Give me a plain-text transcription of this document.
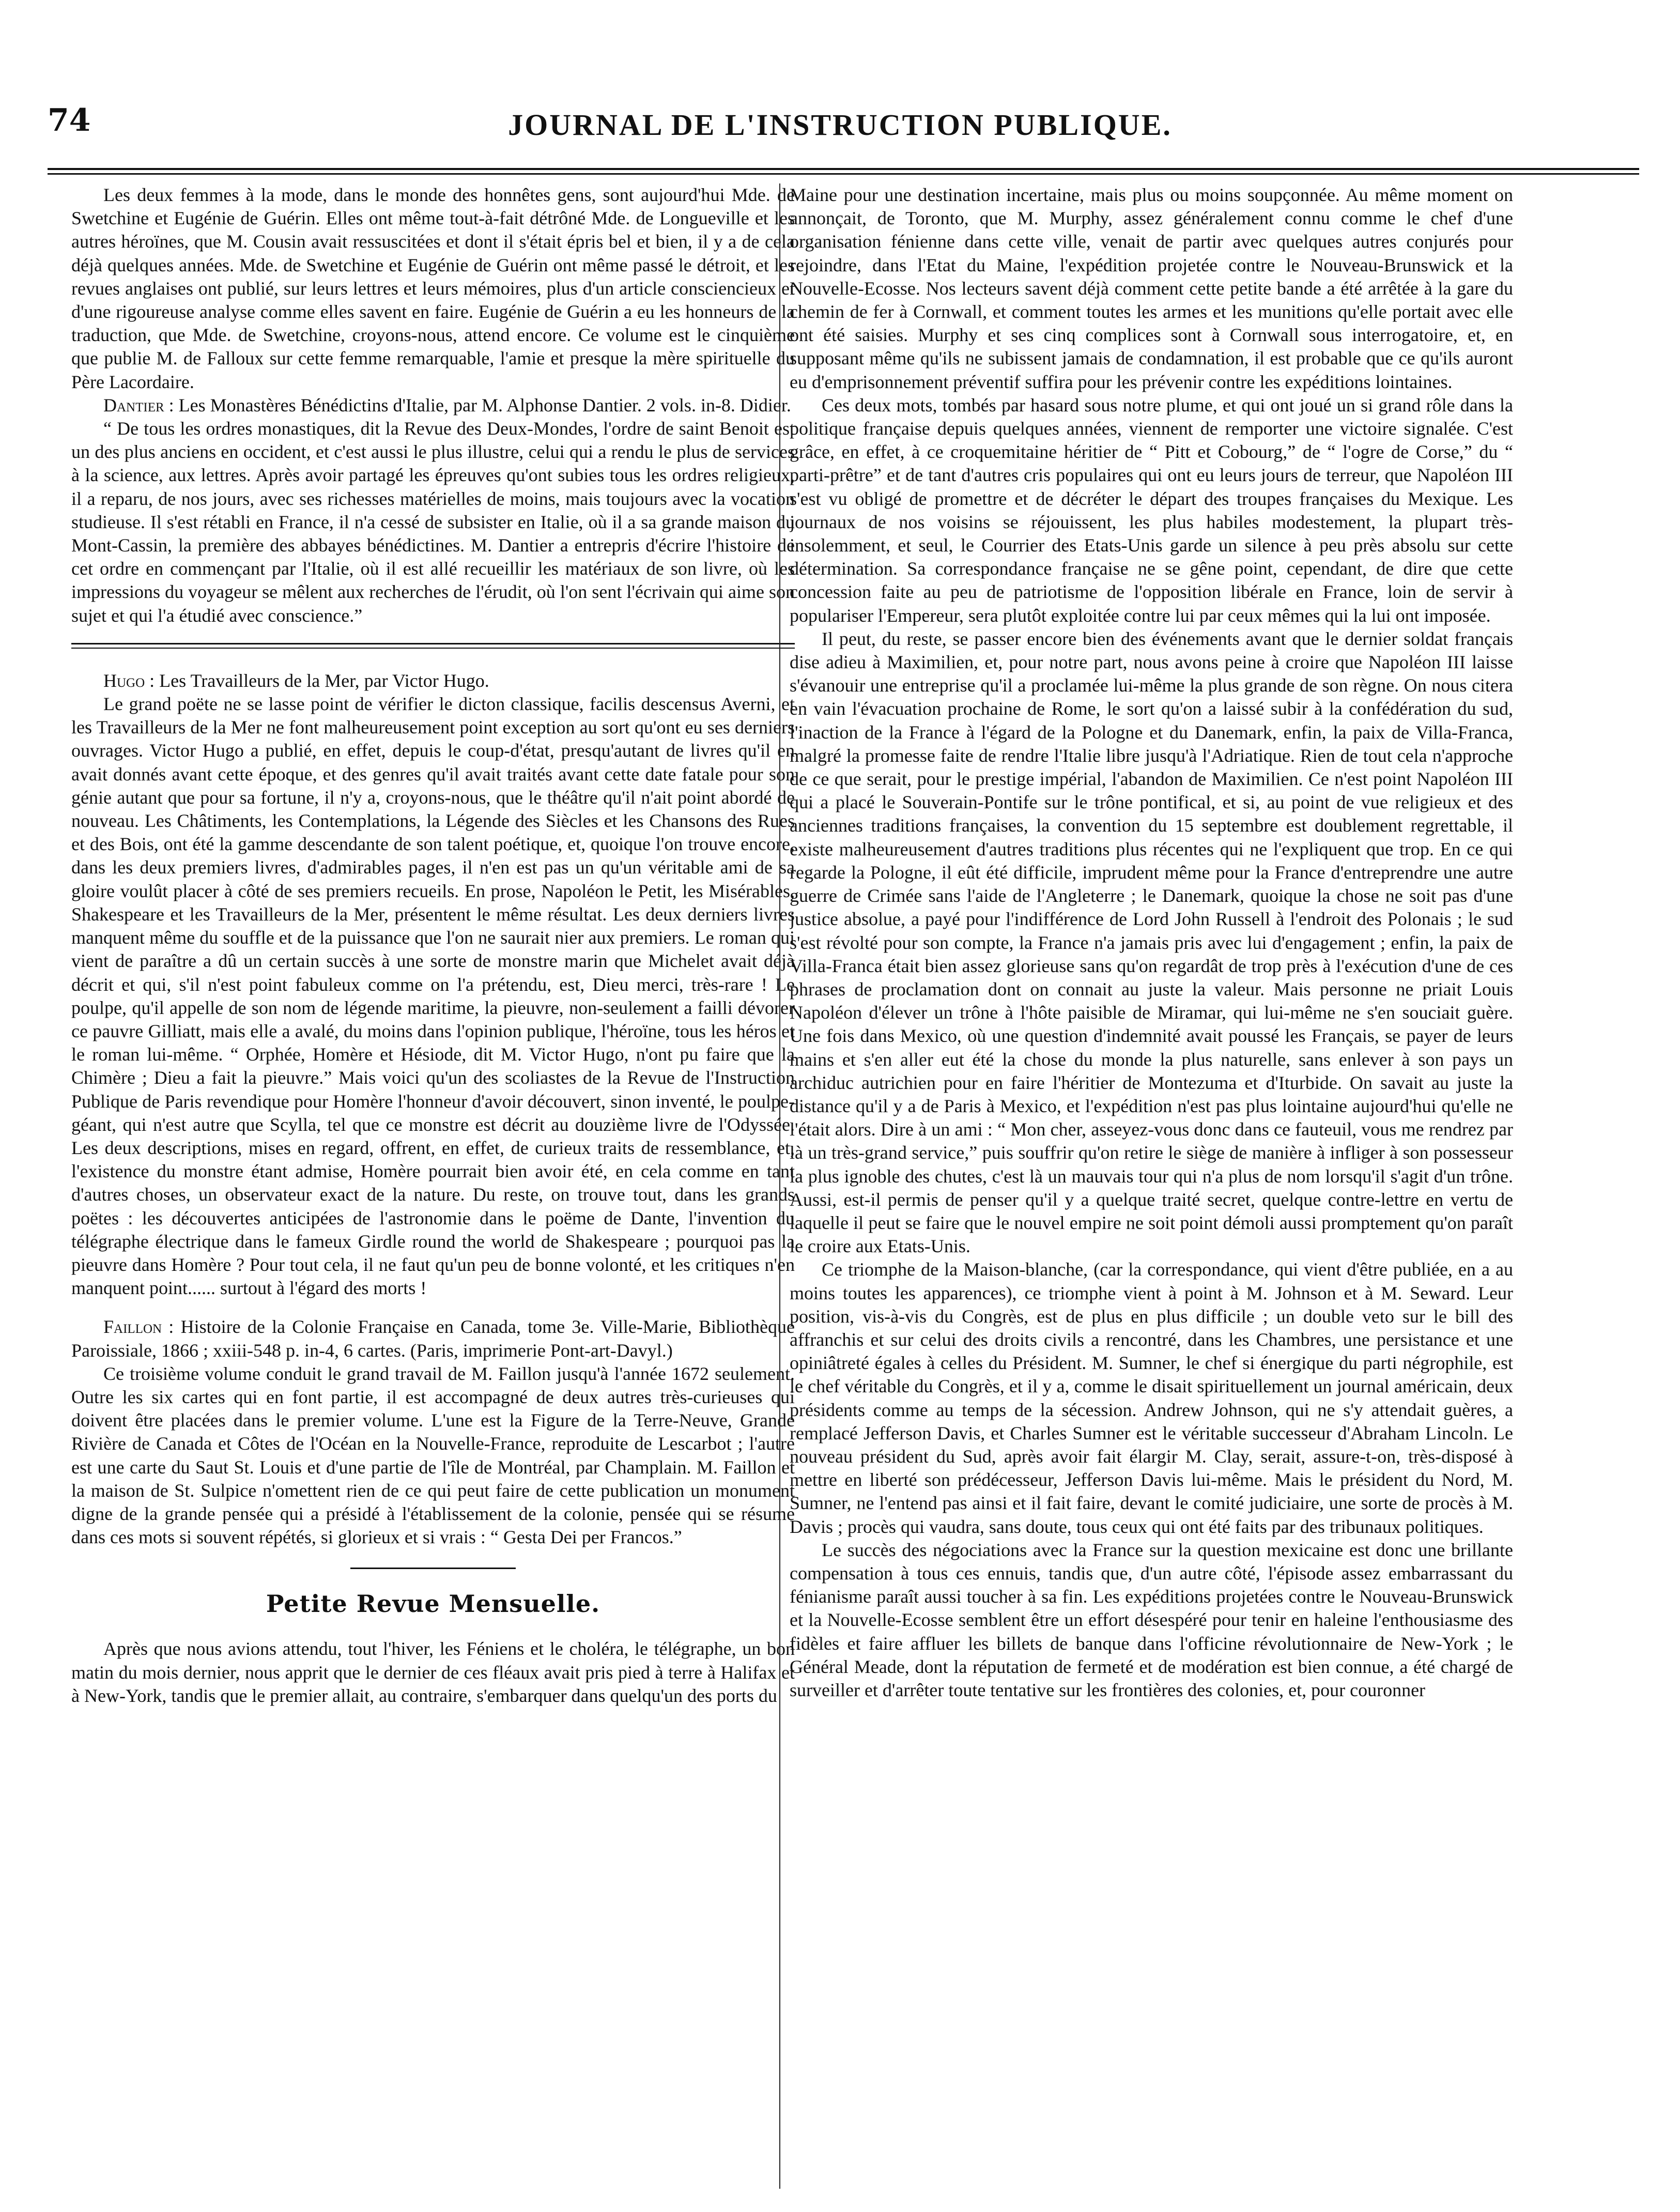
74	JOURNAL DE L'INSTRUCTION PUBLIQUE.

Les deux femmes à la mode, dans le monde des honnêtes gens, sont aujourd'hui Mde. de Swetchine et Eugénie de Guérin. Elles ont même tout-à-fait détrôné Mde. de Longueville et les autres héroïnes, que M. Cousin avait ressuscitées et dont il s'était épris bel et bien, il y a de cela déjà quelques années. Mde. de Swetchine et Eugénie de Guérin ont même passé le détroit, et les revues anglaises ont publié, sur leurs lettres et leurs mémoires, plus d'un article consciencieux et d'une rigoureuse analyse comme elles savent en faire. Eugénie de Guérin a eu les honneurs de la traduction, que Mde. de Swetchine, croyons-nous, attend encore. Ce volume est le cinquième que publie M. de Falloux sur cette femme remarquable, l'amie et presque la mère spirituelle du Père Lacordaire.

Dantier : Les Monastères Bénédictins d'Italie, par M. Alphonse Dantier. 2 vols. in-8. Didier.

“ De tous les ordres monastiques, dit la Revue des Deux-Mondes, l'ordre de saint Benoit est un des plus anciens en occident, et c'est aussi le plus illustre, celui qui a rendu le plus de services à la science, aux lettres. Après avoir partagé les épreuves qu'ont subies tous les ordres religieux, il a reparu, de nos jours, avec ses richesses matérielles de moins, mais toujours avec la vocation studieuse. Il s'est rétabli en France, il n'a cessé de subsister en Italie, où il a sa grande maison du Mont-Cassin, la première des abbayes bénédictines. M. Dantier a entrepris d'écrire l'histoire de cet ordre en commençant par l'Italie, où il est allé recueillir les matériaux de son livre, où les impressions du voyageur se mêlent aux recherches de l'érudit, où l'on sent l'écrivain qui aime son sujet et qui l'a étudié avec conscience.”

Hugo : Les Travailleurs de la Mer, par Victor Hugo.

Le grand poëte ne se lasse point de vérifier le dicton classique, facilis descensus Averni, et les Travailleurs de la Mer ne font malheureusement point exception au sort qu'ont eu ses derniers ouvrages. Victor Hugo a publié, en effet, depuis le coup-d'état, presqu'autant de livres qu'il en avait donnés avant cette époque, et des genres qu'il avait traités avant cette date fatale pour son génie autant que pour sa fortune, il n'y a, croyons-nous, que le théâtre qu'il n'ait point abordé de nouveau. Les Châtiments, les Contemplations, la Légende des Siècles et les Chansons des Rues et des Bois, ont été la gamme descendante de son talent poétique, et, quoique l'on trouve encore, dans les deux premiers livres, d'admirables pages, il n'en est pas un qu'un véritable ami de sa gloire voulût placer à côté de ses premiers recueils. En prose, Napoléon le Petit, les Misérables, Shakespeare et les Travailleurs de la Mer, présentent le même résultat. Les deux derniers livres manquent même du souffle et de la puissance que l'on ne saurait nier aux premiers. Le roman qui vient de paraître a dû un certain succès à une sorte de monstre marin que Michelet avait déjà décrit et qui, s'il n'est point fabuleux comme on l'a prétendu, est, Dieu merci, très-rare ! Le poulpe, qu'il appelle de son nom de légende maritime, la pieuvre, non-seulement a failli dévorer ce pauvre Gilliatt, mais elle a avalé, du moins dans l'opinion publique, l'héroïne, tous les héros et le roman lui-même. “ Orphée, Homère et Hésiode, dit M. Victor Hugo, n'ont pu faire que la Chimère ; Dieu a fait la pieuvre.” Mais voici qu'un des scoliastes de la Revue de l'Instruction Publique de Paris revendique pour Homère l'honneur d'avoir découvert, sinon inventé, le poulpe-géant, qui n'est autre que Scylla, tel que ce monstre est décrit au douzième livre de l'Odyssée. Les deux descriptions, mises en regard, offrent, en effet, de curieux traits de ressemblance, et, l'existence du monstre étant admise, Homère pourrait bien avoir été, en cela comme en tant d'autres choses, un observateur exact de la nature. Du reste, on trouve tout, dans les grands poëtes : les découvertes anticipées de l'astronomie dans le poëme de Dante, l'invention du télégraphe électrique dans le fameux Girdle round the world de Shakespeare ; pourquoi pas la pieuvre dans Homère ? Pour tout cela, il ne faut qu'un peu de bonne volonté, et les critiques n'en manquent point...... surtout à l'égard des morts !

Faillon : Histoire de la Colonie Française en Canada, tome 3e. Ville-Marie, Bibliothèque Paroissiale, 1866 ; xxiii-548 p. in-4, 6 cartes. (Paris, imprimerie Pont-art-Davyl.)

Ce troisième volume conduit le grand travail de M. Faillon jusqu'à l'année 1672 seulement. Outre les six cartes qui en font partie, il est accompagné de deux autres très-curieuses qui doivent être placées dans le premier volume. L'une est la Figure de la Terre-Neuve, Grande Rivière de Canada et Côtes de l'Océan en la Nouvelle-France, reproduite de Lescarbot ; l'autre est une carte du Saut St. Louis et d'une partie de l'île de Montréal, par Champlain. M. Faillon et la maison de St. Sulpice n'omettent rien de ce qui peut faire de cette publication un monument digne de la grande pensée qui a présidé à l'établissement de la colonie, pensée qui se résume dans ces mots si souvent répétés, si glorieux et si vrais : “ Gesta Dei per Francos.”

Petite Revue Mensuelle.

Après que nous avions attendu, tout l'hiver, les Féniens et le choléra, le télégraphe, un bon matin du mois dernier, nous apprit que le dernier de ces fléaux avait pris pied à terre à Halifax et à New-York, tandis que le premier allait, au contraire, s'embarquer dans quelqu'un des ports du

Maine pour une destination incertaine, mais plus ou moins soupçonnée. Au même moment on annonçait, de Toronto, que M. Murphy, assez généralement connu comme le chef d'une organisation fénienne dans cette ville, venait de partir avec quelques autres conjurés pour rejoindre, dans l'Etat du Maine, l'expédition projetée contre le Nouveau-Brunswick et la Nouvelle-Ecosse. Nos lecteurs savent déjà comment cette petite bande a été arrêtée à la gare du chemin de fer à Cornwall, et comment toutes les armes et les munitions qu'elle portait avec elle ont été saisies. Murphy et ses cinq complices sont à Cornwall sous interrogatoire, et, en supposant même qu'ils ne subissent jamais de condamnation, il est probable que ce qu'ils auront eu d'emprisonnement préventif suffira pour les prévenir contre les expéditions lointaines.

Ces deux mots, tombés par hasard sous notre plume, et qui ont joué un si grand rôle dans la politique française depuis quelques années, viennent de remporter une victoire signalée. C'est grâce, en effet, à ce croquemitaine héritier de “ Pitt et Cobourg,” de “ l'ogre de Corse,” du “ parti-prêtre” et de tant d'autres cris populaires qui ont eu leurs jours de terreur, que Napoléon III s'est vu obligé de promettre et de décréter le départ des troupes françaises du Mexique. Les journaux de nos voisins se réjouissent, les plus habiles modestement, la plupart très-insolemment, et seul, le Courrier des Etats-Unis garde un silence à peu près absolu sur cette détermination. Sa correspondance française ne se gêne point, cependant, de dire que cette concession faite au peu de patriotisme de l'opposition libérale en France, loin de servir à populariser l'Empereur, sera plutôt exploitée contre lui par ceux mêmes qui la lui ont imposée.

Il peut, du reste, se passer encore bien des événements avant que le dernier soldat français dise adieu à Maximilien, et, pour notre part, nous avons peine à croire que Napoléon III laisse s'évanouir une entreprise qu'il a proclamée lui-même la plus grande de son règne. On nous citera en vain l'évacuation prochaine de Rome, le sort qu'on a laissé subir à la confédération du sud, l'inaction de la France à l'égard de la Pologne et du Danemark, enfin, la paix de Villa-Franca, malgré la promesse faite de rendre l'Italie libre jusqu'à l'Adriatique. Rien de tout cela n'approche de ce que serait, pour le prestige impérial, l'abandon de Maximilien. Ce n'est point Napoléon III qui a placé le Souverain-Pontife sur le trône pontifical, et si, au point de vue religieux et des anciennes traditions françaises, la convention du 15 septembre est doublement regrettable, il existe malheureusement d'autres traditions plus récentes qui ne l'expliquent que trop. En ce qui regarde la Pologne, il eût été difficile, imprudent même pour la France d'entreprendre une autre guerre de Crimée sans l'aide de l'Angleterre ; le Danemark, quoique la chose ne soit pas d'une justice absolue, a payé pour l'indifférence de Lord John Russell à l'endroit des Polonais ; le sud s'est révolté pour son compte, la France n'a jamais pris avec lui d'engagement ; enfin, la paix de Villa-Franca était bien assez glorieuse sans qu'on regardât de trop près à l'exécution d'une de ces phrases de proclamation dont on connait au juste la valeur. Mais personne ne priait Louis Napoléon d'élever un trône à l'hôte paisible de Miramar, qui lui-même ne s'en souciait guère. Une fois dans Mexico, où une question d'indemnité avait poussé les Français, se payer de leurs mains et s'en aller eut été la chose du monde la plus naturelle, sans enlever à son pays un archiduc autrichien pour en faire l'héritier de Montezuma et d'Iturbide. On savait au juste la distance qu'il y a de Paris à Mexico, et l'expédition n'est pas plus lointaine aujourd'hui qu'elle ne l'était alors. Dire à un ami : “ Mon cher, asseyez-vous donc dans ce fauteuil, vous me rendrez par là un très-grand service,” puis souffrir qu'on retire le siège de manière à infliger à son possesseur la plus ignoble des chutes, c'est là un mauvais tour qui n'a plus de nom lorsqu'il s'agit d'un trône. Aussi, est-il permis de penser qu'il y a quelque traité secret, quelque contre-lettre en vertu de laquelle il peut se faire que le nouvel empire ne soit point démoli aussi promptement qu'on paraît le croire aux Etats-Unis.

Ce triomphe de la Maison-blanche, (car la correspondance, qui vient d'être publiée, en a au moins toutes les apparences), ce triomphe vient à point à M. Johnson et à M. Seward. Leur position, vis-à-vis du Congrès, est de plus en plus difficile ; un double veto sur le bill des affranchis et sur celui des droits civils a rencontré, dans les Chambres, une persistance et une opiniâtreté égales à celles du Président. M. Sumner, le chef si énergique du parti négrophile, est le chef véritable du Congrès, et il y a, comme le disait spirituellement un journal américain, deux présidents comme au temps de la sécession. Andrew Johnson, qui ne s'y attendait guères, a remplacé Jefferson Davis, et Charles Sumner est le véritable successeur d'Abraham Lincoln. Le nouveau président du Sud, après avoir fait élargir M. Clay, serait, assure-t-on, très-disposé à mettre en liberté son prédécesseur, Jefferson Davis lui-même. Mais le président du Nord, M. Sumner, ne l'entend pas ainsi et il fait faire, devant le comité judiciaire, une sorte de procès à M. Davis ; procès qui vaudra, sans doute, tous ceux qui ont été faits par des tribunaux politiques.

Le succès des négociations avec la France sur la question mexicaine est donc une brillante compensation à tous ces ennuis, tandis que, d'un autre côté, l'épisode assez embarrassant du fénianisme paraît aussi toucher à sa fin. Les expéditions projetées contre le Nouveau-Brunswick et la Nouvelle-Ecosse semblent être un effort désespéré pour tenir en haleine l'enthousiasme des fidèles et faire affluer les billets de banque dans l'officine révolutionnaire de New-York ; le Général Meade, dont la réputation de fermeté et de modération est bien connue, a été chargé de surveiller et d'arrêter toute tentative sur les frontières des colonies, et, pour couronner
